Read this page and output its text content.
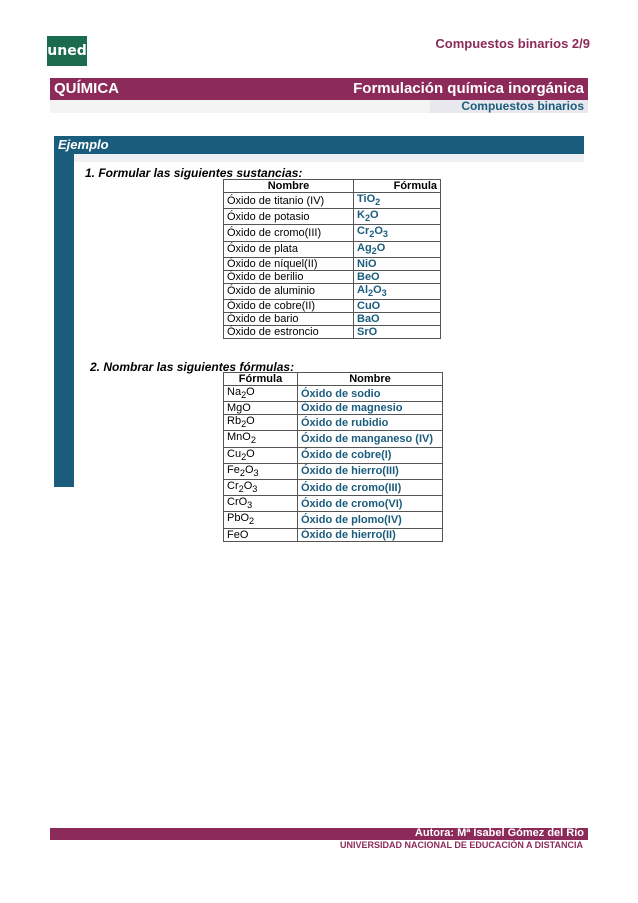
uned	Compuestos binarios 2/9
QUÍMICA	Formulación química inorgánica
Compuestos binarios
Ejemplo
1. Formular las siguientes sustancias:
Nombre	Fórmula
Óxido de titanio (IV)	TiO$_2$
Óxido de potasio	$K_2O$
Óxido de cromo(III)	$Cr_2O_3$
Óxido de plata	$Ag_2O$
Óxido de níquel(II)	NiO
Óxido de berilio	BeO
Óxido de aluminio	$Al_2O_3$
Óxido de cobre(II)	CuO
Óxido de bario	BaO
Óxido de estroncio	SrO
2. Nombrar las siguientes fórmulas:
Fórmula	Nombre
$Na_2O$	Óxido de sodio
MgO	Óxido de magnesio
$Rb_2O$	Óxido de rubidio
MnO$_2$	Óxido de manganeso (IV)
$Cu_2O$	Óxido de cobre(I)
$Fe_2O_3$	Óxido de hierro(III)
$Cr_2O_3$	Óxido de cromo(III)
CrO$_3$	Óxido de cromo(VI)
PbO$_2$	Óxido de plomo(IV)
FeO	Óxido de hierro(II)
Autora: Mª Isabel Gómez del Río
UNIVERSIDAD NACIONAL DE EDUCACIÓN A DISTANCIA
